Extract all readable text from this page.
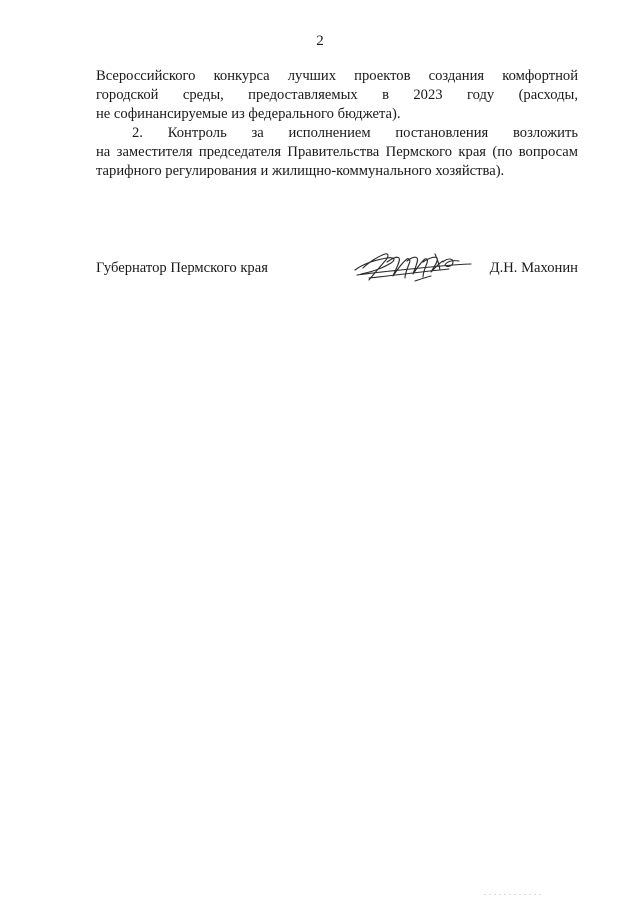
2
Всероссийского конкурса лучших проектов создания комфортной
городской среды, предоставляемых в 2023 году (расходы,
не софинансируемые из федерального бюджета).
2. Контроль за исполнением постановления возложить
на заместителя председателя Правительства Пермского края (по вопросам
тарифного регулирования и жилищно-коммунального хозяйства).
Губернатор Пермского края	Д.Н. Махонин
